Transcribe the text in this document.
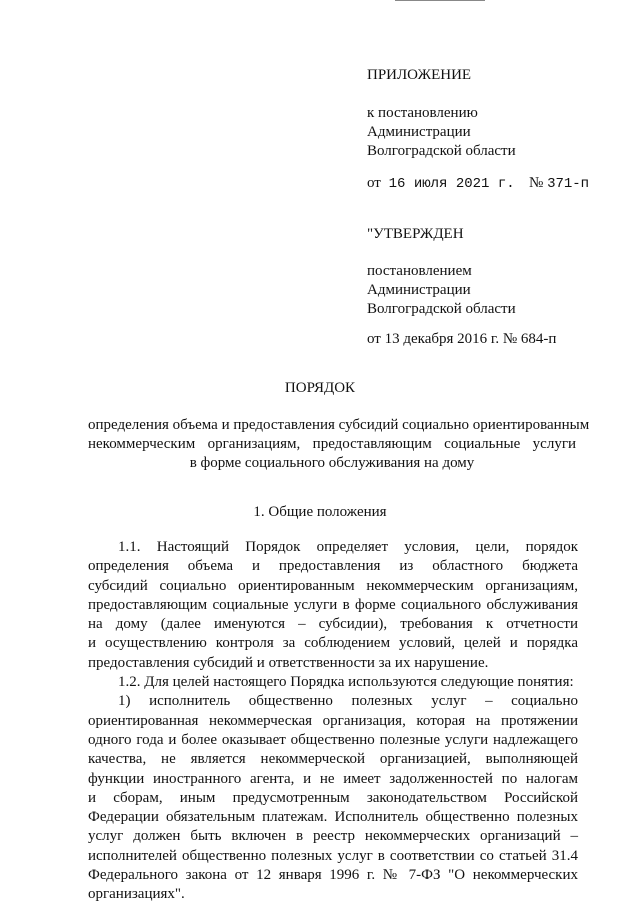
ПРИЛОЖЕНИЕ
к постановлению
Администрации
Волгоградской области
от 16 июля 2021 г. № 371-п
"УТВЕРЖДЕН
постановлением
Администрации
Волгоградской области
от 13 декабря 2016 г. № 684-п
ПОРЯДОК
определения объема и предоставления субсидий социально ориентированным
некоммерческим организациям, предоставляющим социальные услуги
в форме социального обслуживания на дому
1. Общие положения
1.1. Настоящий Порядок определяет условия, цели, порядок
определения объема и предоставления из областного бюджета
субсидий социально ориентированным некоммерческим организациям,
предоставляющим социальные услуги в форме социального обслуживания
на дому (далее именуются – субсидии), требования к отчетности
и осуществлению контроля за соблюдением условий, целей и порядка
предоставления субсидий и ответственности за их нарушение.
1.2. Для целей настоящего Порядка используются следующие понятия:
1) исполнитель общественно полезных услуг – социально
ориентированная некоммерческая организация, которая на протяжении
одного года и более оказывает общественно полезные услуги надлежащего
качества, не является некоммерческой организацией, выполняющей
функции иностранного агента, и не имеет задолженностей по налогам
и сборам, иным предусмотренным законодательством Российской
Федерации обязательным платежам. Исполнитель общественно полезных
услуг должен быть включен в реестр некоммерческих организаций –
исполнителей общественно полезных услуг в соответствии со статьей 31.4
Федерального закона от 12 января 1996 г. № 7-ФЗ "О некоммерческих
организациях".
